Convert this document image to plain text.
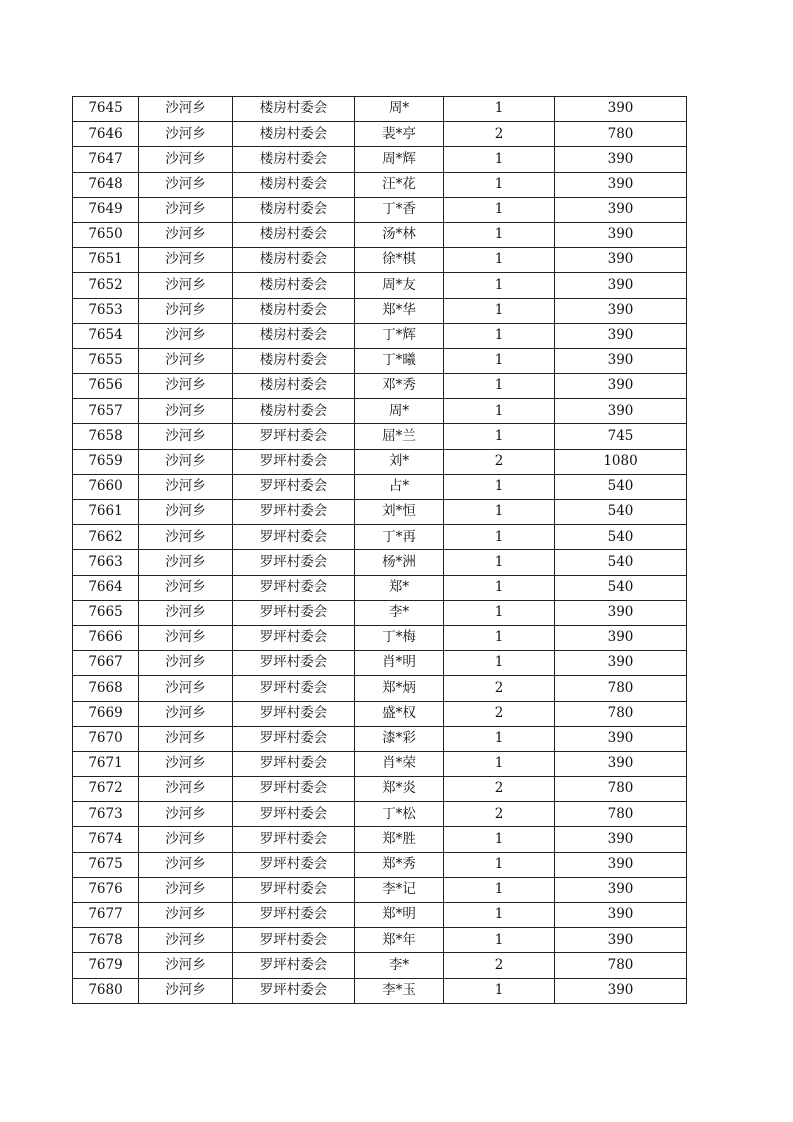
7645	沙河乡	楼房村委会	周*	1	390
7646	沙河乡	楼房村委会	裴*亭	2	780
7647	沙河乡	楼房村委会	周*辉	1	390
7648	沙河乡	楼房村委会	汪*花	1	390
7649	沙河乡	楼房村委会	丁*香	1	390
7650	沙河乡	楼房村委会	汤*林	1	390
7651	沙河乡	楼房村委会	徐*棋	1	390
7652	沙河乡	楼房村委会	周*友	1	390
7653	沙河乡	楼房村委会	郑*华	1	390
7654	沙河乡	楼房村委会	丁*辉	1	390
7655	沙河乡	楼房村委会	丁*曦	1	390
7656	沙河乡	楼房村委会	邓*秀	1	390
7657	沙河乡	楼房村委会	周*	1	390
7658	沙河乡	罗坪村委会	屈*兰	1	745
7659	沙河乡	罗坪村委会	刘*	2	1080
7660	沙河乡	罗坪村委会	占*	1	540
7661	沙河乡	罗坪村委会	刘*恒	1	540
7662	沙河乡	罗坪村委会	丁*再	1	540
7663	沙河乡	罗坪村委会	杨*洲	1	540
7664	沙河乡	罗坪村委会	郑*	1	540
7665	沙河乡	罗坪村委会	李*	1	390
7666	沙河乡	罗坪村委会	丁*梅	1	390
7667	沙河乡	罗坪村委会	肖*明	1	390
7668	沙河乡	罗坪村委会	郑*炳	2	780
7669	沙河乡	罗坪村委会	盛*权	2	780
7670	沙河乡	罗坪村委会	漆*彩	1	390
7671	沙河乡	罗坪村委会	肖*荣	1	390
7672	沙河乡	罗坪村委会	郑*炎	2	780
7673	沙河乡	罗坪村委会	丁*松	2	780
7674	沙河乡	罗坪村委会	郑*胜	1	390
7675	沙河乡	罗坪村委会	郑*秀	1	390
7676	沙河乡	罗坪村委会	李*记	1	390
7677	沙河乡	罗坪村委会	郑*明	1	390
7678	沙河乡	罗坪村委会	郑*年	1	390
7679	沙河乡	罗坪村委会	李*	2	780
7680	沙河乡	罗坪村委会	李*玉	1	390
